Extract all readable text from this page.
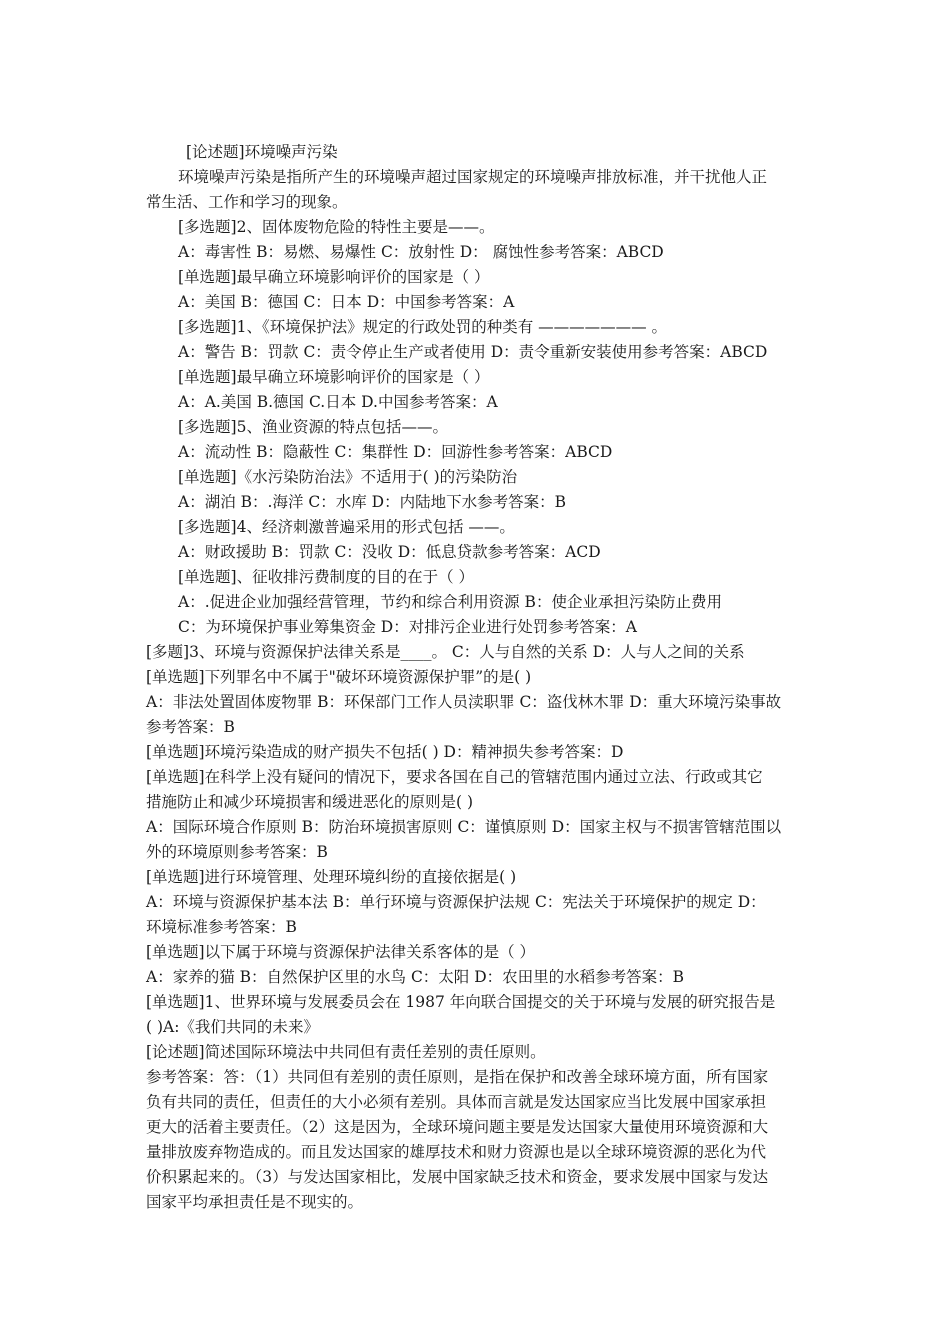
[论述题]环境噪声污染
环境噪声污染是指所产生的环境噪声超过国家规定的环境噪声排放标准，并干扰他人正
常生活、工作和学习的现象。
[多选题]2、固体废物危险的特性主要是——。
A：毒害性 B：易燃、易爆性 C：放射性 D： 腐蚀性参考答案：ABCD
[单选题]最早确立环境影响评价的国家是（ ）
A：美国 B：德国 C：日本 D：中国参考答案：A
[多选题]1、《环境保护法》规定的行政处罚的种类有 ——————— 。
A：警告 B：罚款 C：责令停止生产或者使用 D：责令重新安装使用参考答案：ABCD
[单选题]最早确立环境影响评价的国家是（ ）
A：A.美国 B.德国 C.日本 D.中国参考答案：A
[多选题]5、渔业资源的特点包括——。
A：流动性 B：隐蔽性 C：集群性 D：回游性参考答案：ABCD
[单选题]《水污染防治法》不适用于( )的污染防治
A：湖泊 B：.海洋 C：水库 D：内陆地下水参考答案：B
[多选题]4、经济刺激普遍采用的形式包括 ——。
A：财政援助 B：罚款 C：没收 D：低息贷款参考答案：ACD
[单选题]、征收排污费制度的目的在于（ ）
A：.促进企业加强经营管理，节约和综合利用资源 B：使企业承担污染防止费用
C：为环境保护事业筹集资金 D：对排污企业进行处罚参考答案：A
[多题]3、环境与资源保护法律关系是____。 C：人与自然的关系 D：人与人之间的关系
[单选题]下列罪名中不属于"破坏环境资源保护罪”的是( )
A：非法处置固体废物罪 B：环保部门工作人员渎职罪 C：盗伐林木罪 D：重大环境污染事故
参考答案：B
[单选题]环境污染造成的财产损失不包括( ) D：精神损失参考答案：D
[单选题]在科学上没有疑问的情况下，要求各国在自己的管辖范围内通过立法、行政或其它
措施防止和减少环境损害和缓进恶化的原则是( )
A：国际环境合作原则 B：防治环境损害原则 C：谨慎原则 D：国家主权与不损害管辖范围以
外的环境原则参考答案：B
[单选题]进行环境管理、处理环境纠纷的直接依据是( )
A：环境与资源保护基本法 B：单行环境与资源保护法规 C：宪法关于环境保护的规定 D：
环境标准参考答案：B
[单选题]以下属于环境与资源保护法律关系客体的是（ ）
A：家养的猫 B：自然保护区里的水鸟 C：太阳 D：农田里的水稻参考答案：B
[单选题]1、世界环境与发展委员会在 1987 年向联合国提交的关于环境与发展的研究报告是
( )A:《我们共同的未来》
[论述题]简述国际环境法中共同但有责任差别的责任原则。
参考答案：答：（1）共同但有差别的责任原则，是指在保护和改善全球环境方面，所有国家
负有共同的责任，但责任的大小必须有差别。具体而言就是发达国家应当比发展中国家承担
更大的活着主要责任。（2）这是因为，全球环境问题主要是发达国家大量使用环境资源和大
量排放废弃物造成的。而且发达国家的雄厚技术和财力资源也是以全球环境资源的恶化为代
价积累起来的。（3）与发达国家相比，发展中国家缺乏技术和资金，要求发展中国家与发达
国家平均承担责任是不现实的。
